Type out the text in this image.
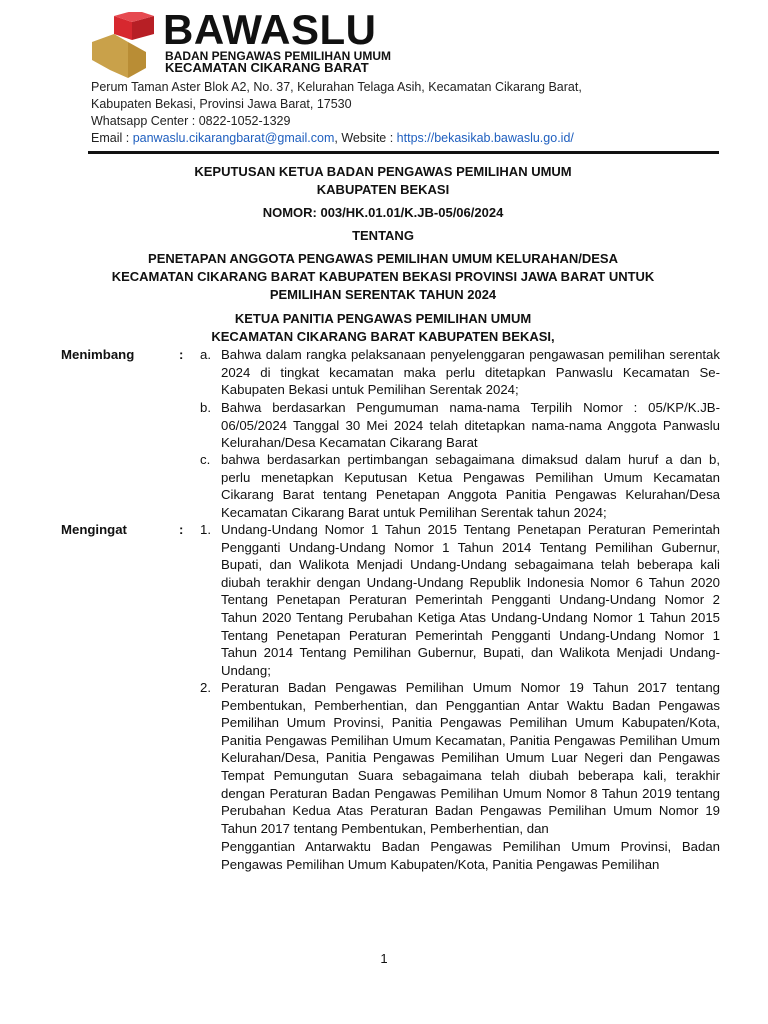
BAWASLU
BADAN PENGAWAS PEMILIHAN UMUM
KECAMATAN CIKARANG BARAT
Perum Taman Aster Blok A2, No. 37, Kelurahan Telaga Asih, Kecamatan Cikarang Barat,
Kabupaten Bekasi, Provinsi Jawa Barat, 17530
Whatsapp Center : 0822-1052-1329
Email : panwaslu.cikarangbarat@gmail.com, Website : https://bekasikab.bawaslu.go.id/
KEPUTUSAN KETUA BADAN PENGAWAS PEMILIHAN UMUM
KABUPATEN BEKASI
NOMOR: 003/HK.01.01/K.JB-05/06/2024
TENTANG
PENETAPAN ANGGOTA PENGAWAS PEMILIHAN UMUM KELURAHAN/DESA
KECAMATAN CIKARANG BARAT KABUPATEN BEKASI PROVINSI JAWA BARAT UNTUK
PEMILIHAN SERENTAK TAHUN 2024
KETUA PANITIA PENGAWAS PEMILIHAN UMUM
KECAMATAN CIKARANG BARAT KABUPATEN BEKASI,
Menimbang	: a. Bahwa dalam rangka pelaksanaan penyelenggaran pengawasan pemilihan serentak 2024 di tingkat kecamatan maka perlu ditetapkan Panwaslu Kecamatan Se-Kabupaten Bekasi untuk Pemilihan Serentak 2024;
b. Bahwa berdasarkan Pengumuman nama-nama Terpilih Nomor : 05/KP/K.JB-06/05/2024 Tanggal 30 Mei 2024 telah ditetapkan nama-nama Anggota Panwaslu Kelurahan/Desa Kecamatan Cikarang Barat
c. bahwa berdasarkan pertimbangan sebagaimana dimaksud dalam huruf a dan b, perlu menetapkan Keputusan Ketua Pengawas Pemilihan Umum Kecamatan Cikarang Barat tentang Penetapan Anggota Panitia Pengawas Kelurahan/Desa Kecamatan Cikarang Barat untuk Pemilihan Serentak tahun 2024;
Mengingat	: 1. Undang-Undang Nomor 1 Tahun 2015 Tentang Penetapan Peraturan Pemerintah Pengganti Undang-Undang Nomor 1 Tahun 2014 Tentang Pemilihan Gubernur, Bupati, dan Walikota Menjadi Undang-Undang sebagaimana telah beberapa kali diubah terakhir dengan Undang-Undang Republik Indonesia Nomor 6 Tahun 2020 Tentang Penetapan Peraturan Pemerintah Pengganti Undang-Undang Nomor 2 Tahun 2020 Tentang Perubahan Ketiga Atas Undang-Undang Nomor 1 Tahun 2015 Tentang Penetapan Peraturan Pemerintah Pengganti Undang-Undang Nomor 1 Tahun 2014 Tentang Pemilihan Gubernur, Bupati, dan Walikota Menjadi Undang-Undang;
2. Peraturan Badan Pengawas Pemilihan Umum Nomor 19 Tahun 2017 tentang Pembentukan, Pemberhentian, dan Penggantian Antar Waktu Badan Pengawas Pemilihan Umum Provinsi, Panitia Pengawas Pemilihan Umum Kabupaten/Kota, Panitia Pengawas Pemilihan Umum Kecamatan, Panitia Pengawas Pemilihan Umum Kelurahan/Desa, Panitia Pengawas Pemilihan Umum Luar Negeri dan Pengawas Tempat Pemungutan Suara sebagaimana telah diubah beberapa kali, terakhir dengan Peraturan Badan Pengawas Pemilihan Umum Nomor 8 Tahun 2019 tentang Perubahan Kedua Atas Peraturan Badan Pengawas Pemilihan Umum Nomor 19 Tahun 2017 tentang Pembentukan, Pemberhentian, dan
Penggantian Antarwaktu Badan Pengawas Pemilihan Umum Provinsi, Badan Pengawas Pemilihan Umum Kabupaten/Kota, Panitia Pengawas Pemilihan
1
